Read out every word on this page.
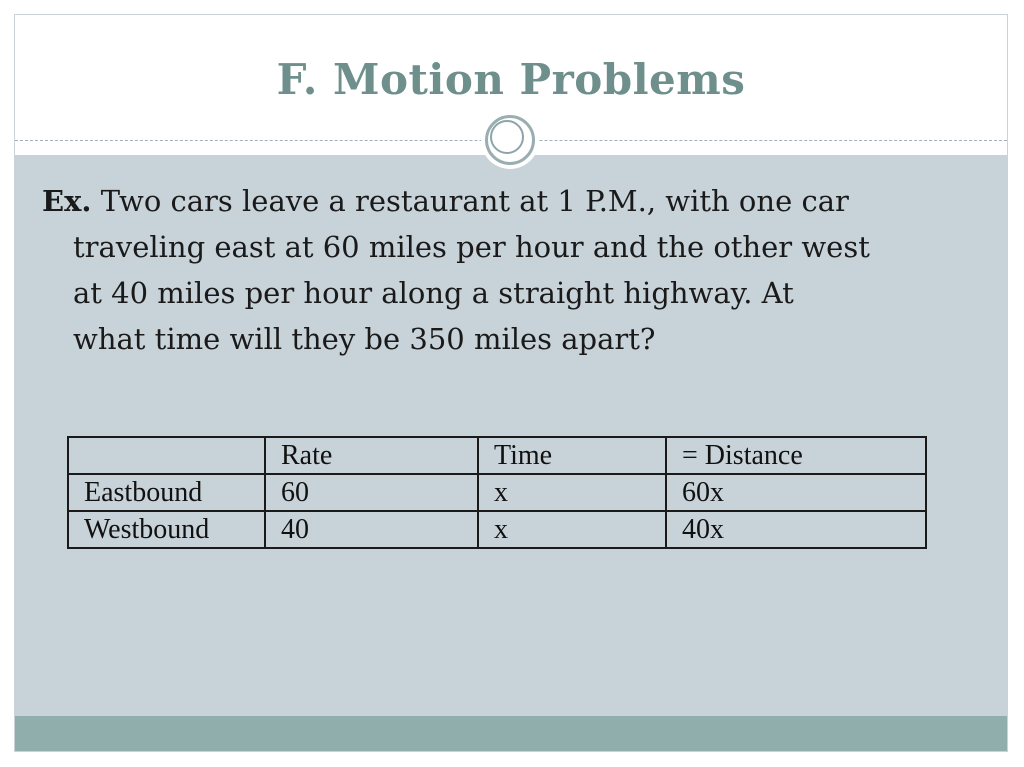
F. Motion Problems
Ex. Two cars leave a restaurant at 1 P.M., with one car
traveling east at 60 miles per hour and the other west
at 40 miles per hour along a straight highway. At
what time will they be 350 miles apart?
	Rate	Time	= Distance
Eastbound	60	x	60x
Westbound	40	x	40x
